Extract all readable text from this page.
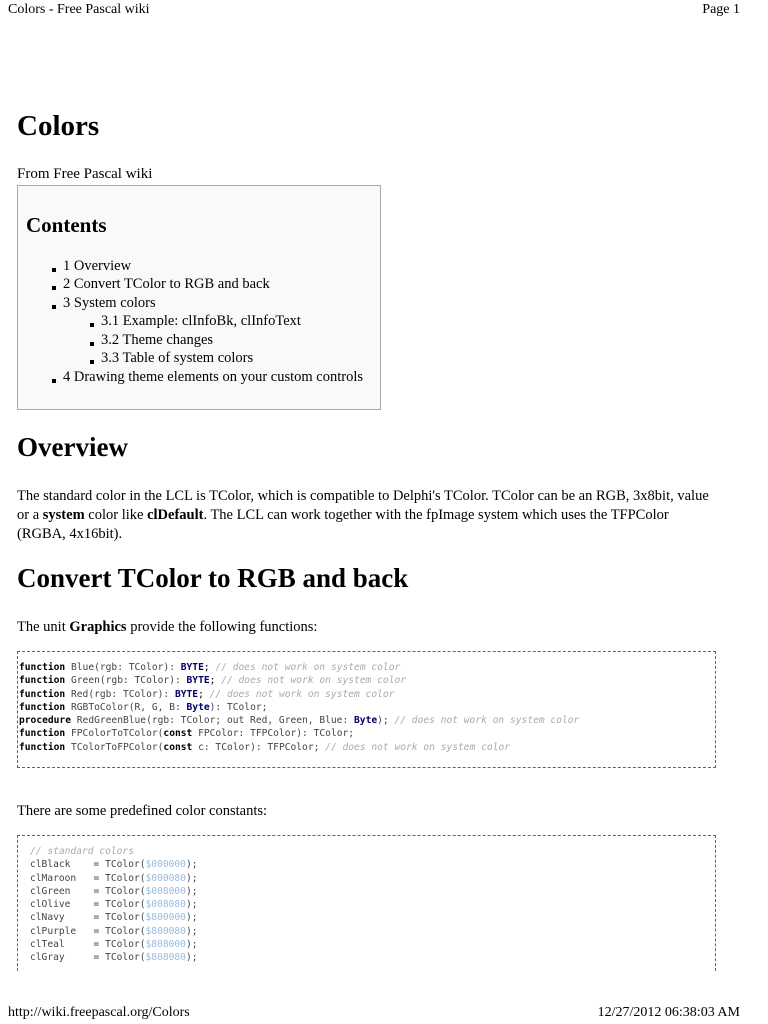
Colors - Free Pascal wiki	Page 1
Colors
From Free Pascal wiki
Contents
1 Overview
2 Convert TColor to RGB and back
3 System colors
3.1 Example: clInfoBk, clInfoText
3.2 Theme changes
3.3 Table of system colors
4 Drawing theme elements on your custom controls
Overview

The standard color in the LCL is TColor, which is compatible to Delphi's TColor. TColor can be an RGB, 3x8bit, value or a system color like clDefault. The LCL can work together with the fpImage system which uses the TFPColor (RGBA, 4x16bit).

Convert TColor to RGB and back

The unit Graphics provide the following functions:

function Blue(rgb: TColor): BYTE; // does not work on system color
function Green(rgb: TColor): BYTE; // does not work on system color
function Red(rgb: TColor): BYTE; // does not work on system color
function RGBToColor(R, G, B: Byte): TColor;
procedure RedGreenBlue(rgb: TColor; out Red, Green, Blue: Byte); // does not work on system color
function FPColorToTColor(const FPColor: TFPColor): TColor;
function TColorToFPColor(const c: TColor): TFPColor; // does not work on system color

There are some predefined color constants:

// standard colors
clBlack = TColor($000000);
clMaroon = TColor($000080);
clGreen = TColor($008000);
clOlive = TColor($008080);
clNavy	= TColor($800000);
clPurple = TColor($800080);
clTeal	= TColor($808000);
clGray	= TColor($808080);
http://wiki.freepascal.org/Colors	12/27/2012 06:38:03 AM
